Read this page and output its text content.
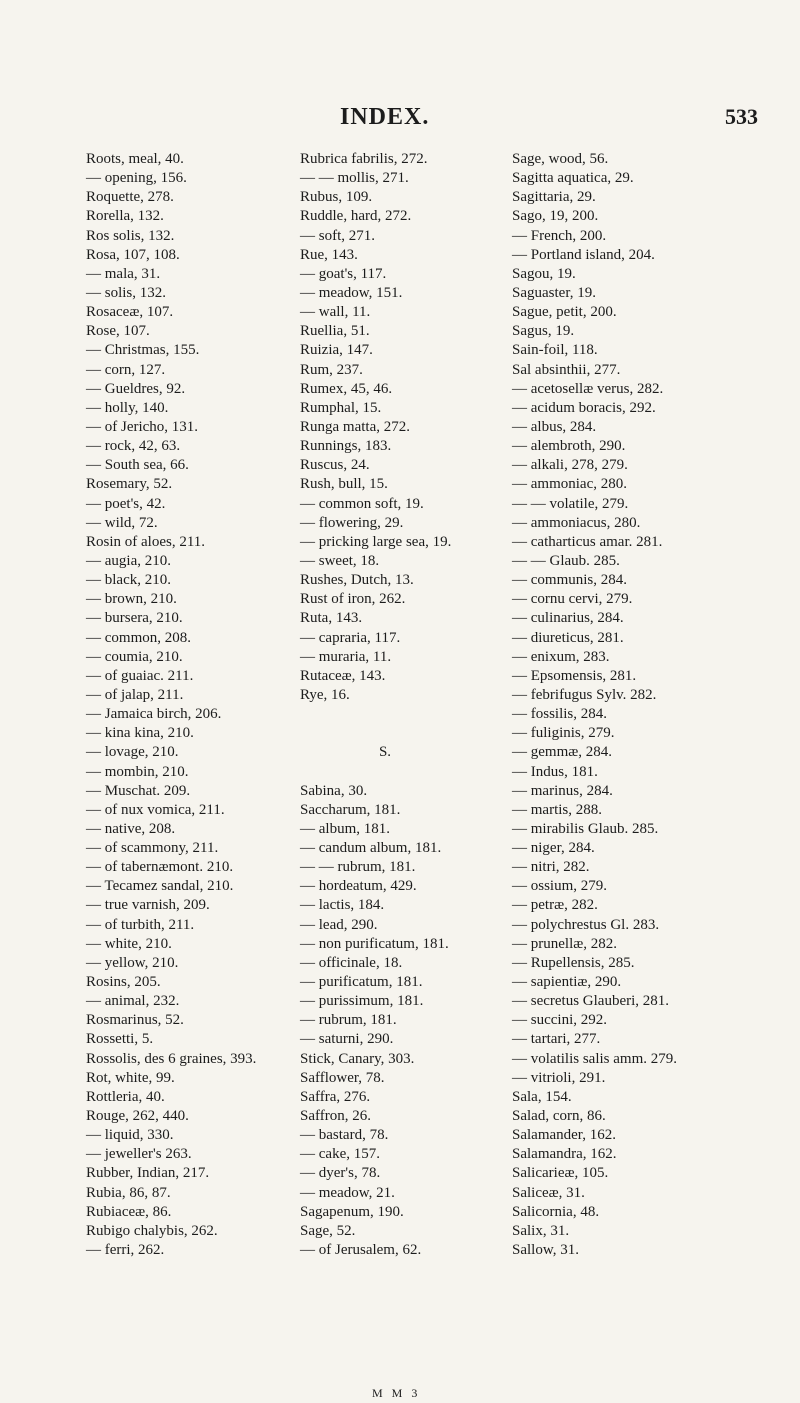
INDEX.	533
Roots, meal, 40.
— opening, 156.
Roquette, 278.
Rorella, 132.
Ros solis, 132.
Rosa, 107, 108.
— mala, 31.
— solis, 132.
Rosaceæ, 107.
Rose, 107.
— Christmas, 155.
— corn, 127.
— Gueldres, 92.
— holly, 140.
— of Jericho, 131.
— rock, 42, 63.
— South sea, 66.
Rosemary, 52.
— poet's, 42.
— wild, 72.
Rosin of aloes, 211.
— augia, 210.
— black, 210.
— brown, 210.
— bursera, 210.
— common, 208.
— coumia, 210.
— of guaiac. 211.
— of jalap, 211.
— Jamaica birch, 206.
— kina kina, 210.
— lovage, 210.
— mombin, 210.
— Muschat. 209.
— of nux vomica, 211.
— native, 208.
— of scammony, 211.
— of tabernæmont. 210.
— Tecamez sandal, 210.
— true varnish, 209.
— of turbith, 211.
— white, 210.
— yellow, 210.
Rosins, 205.
— animal, 232.
Rosmarinus, 52.
Rossetti, 5.
Rossolis, des 6 graines, 393.
Rot, white, 99.
Rottleria, 40.
Rouge, 262, 440.
— liquid, 330.
— jeweller's 263.
Rubber, Indian, 217.
Rubia, 86, 87.
Rubiaceæ, 86.
Rubigo chalybis, 262.
— ferri, 262.
Rubrica fabrilis, 272.
— — mollis, 271.
Rubus, 109.
Ruddle, hard, 272.
— soft, 271.
Rue, 143.
— goat's, 117.
— meadow, 151.
— wall, 11.
Ruellia, 51.
Ruizia, 147.
Rum, 237.
Rumex, 45, 46.
Rumphal, 15.
Runga matta, 272.
Runnings, 183.
Ruscus, 24.
Rush, bull, 15.
— common soft, 19.
— flowering, 29.
— pricking large sea, 19.
— sweet, 18.
Rushes, Dutch, 13.
Rust of iron, 262.
Ruta, 143.
— capraria, 117.
— muraria, 11.
Rutaceæ, 143.
Rye, 16.
S.
Sabina, 30.
Saccharum, 181.
— album, 181.
— candum album, 181.
— — rubrum, 181.
— hordeatum, 429.
— lactis, 184.
— lead, 290.
— non purificatum, 181.
— officinale, 18.
— purificatum, 181.
— purissimum, 181.
— rubrum, 181.
— saturni, 290.
Stick, Canary, 303.
Safflower, 78.
Saffra, 276.
Saffron, 26.
— bastard, 78.
— cake, 157.
— dyer's, 78.
— meadow, 21.
Sagapenum, 190.
Sage, 52.
— of Jerusalem, 62.
Sage, wood, 56.
Sagitta aquatica, 29.
Sagittaria, 29.
Sago, 19, 200.
— French, 200.
— Portland island, 204.
Sagou, 19.
Saguaster, 19.
Sague, petit, 200.
Sagus, 19.
Sain-foil, 118.
Sal absinthii, 277.
— acetosellæ verus, 282.
— acidum boracis, 292.
— albus, 284.
— alembroth, 290.
— alkali, 278, 279.
— ammoniac, 280.
— — volatile, 279.
— ammoniacus, 280.
— catharticus amar. 281.
— — Glaub. 285.
— communis, 284.
— cornu cervi, 279.
— culinarius, 284.
— diureticus, 281.
— enixum, 283.
— Epsomensis, 281.
— febrifugus Sylv. 282.
— fossilis, 284.
— fuliginis, 279.
— gemmæ, 284.
— Indus, 181.
— marinus, 284.
— martis, 288.
— mirabilis Glaub. 285.
— niger, 284.
— nitri, 282.
— ossium, 279.
— petræ, 282.
— polychrestus Gl. 283.
— prunellæ, 282.
— Rupellensis, 285.
— sapientiæ, 290.
— secretus Glauberi, 281.
— succini, 292.
— tartari, 277.
— volatilis salis amm. 279.
— vitrioli, 291.
Sala, 154.
Salad, corn, 86.
Salamander, 162.
Salamandra, 162.
Salicarieæ, 105.
Saliceæ, 31.
Salicornia, 48.
Salix, 31.
Sallow, 31.
M M 3
